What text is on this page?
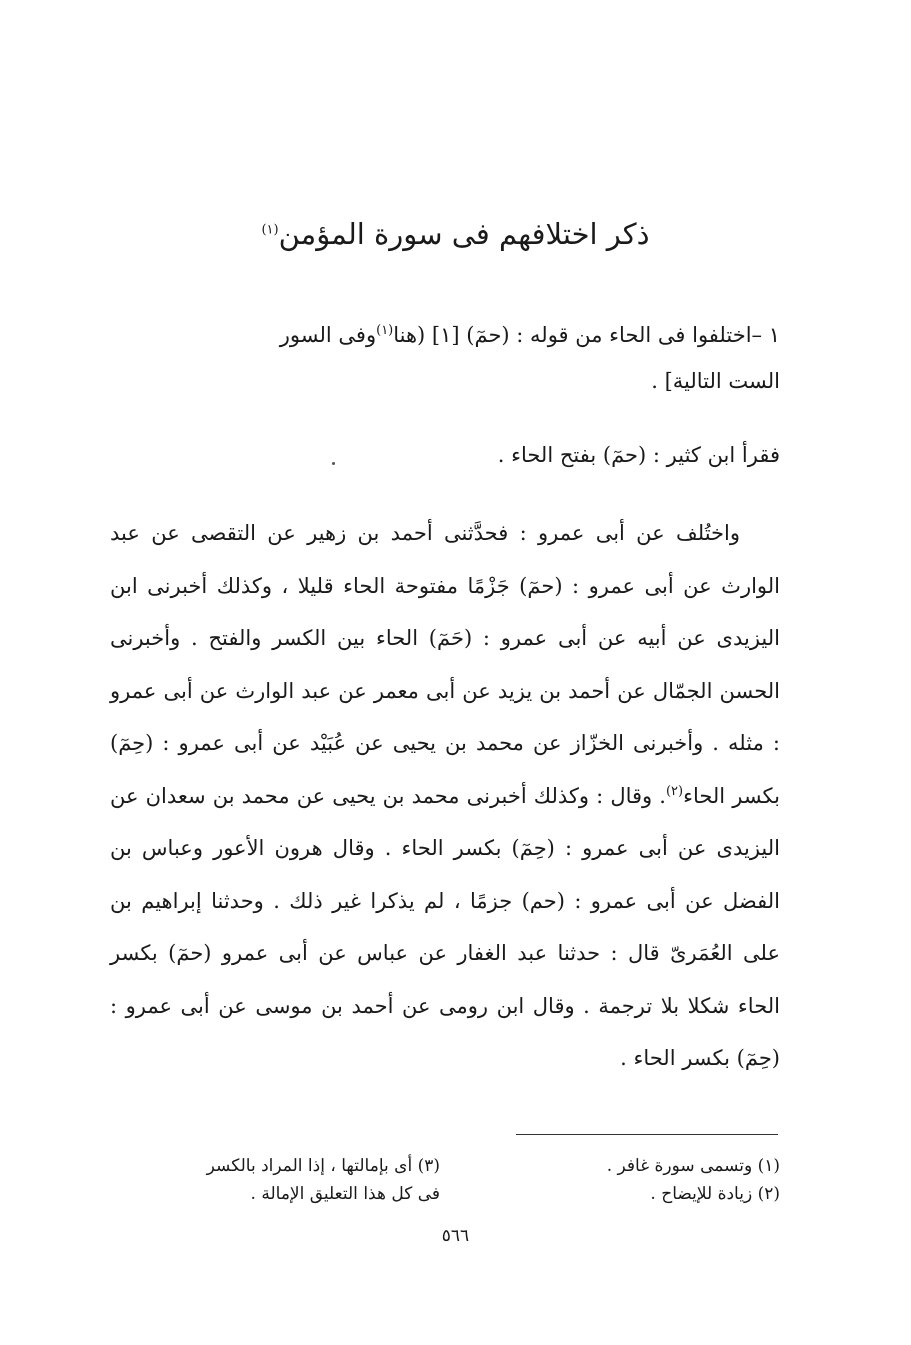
ذكر اختلافهم فى سورة المؤمن$^{(١)}$
١ –اختلفوا فى الحاء من قوله : (حمٓ) [١] (هنا$^{(١)}$وفى السور
الست التالية] .
فقرأ ابن كثير : (حمٓ) بفتح الحاء .
واختُلف عن أبى عمرو : فحدَّثنى أحمد بن زهير عن التقصى عن عبد الوارث عن أبى عمرو : (حمٓ) جَزْمًا مفتوحة الحاء قليلا ، وكذلك أخبرنى ابن اليزيدى عن أبيه عن أبى عمرو : (حَمٓ) الحاء بين الكسر والفتح . وأخبرنى الحسن الجمّال عن أحمد بن يزيد عن أبى معمر عن عبد الوارث عن أبى عمرو : مثله . وأخبرنى الخزّاز عن محمد بن يحيى عن عُبَيْد عن أبى عمرو : (حِمٓ) بكسر الحاء$^{(٢)}$. وقال : وكذلك أخبرنى محمد بن يحيى عن محمد بن سعدان عن اليزيدى عن أبى عمرو : (حِمٓ) بكسر الحاء . وقال هرون الأعور وعباس بن الفضل عن أبى عمرو : (حم) جزمًا ، لم يذكرا غير ذلك . وحدثنا إبراهيم بن على العُمَرىّ قال : حدثنا عبد الغفار عن عباس عن أبى عمرو (حمٓ) بكسر الحاء شكلا بلا ترجمة . وقال ابن رومى عن أحمد بن موسى عن أبى عمرو : (حِمٓ) بكسر الحاء .
(١) وتسمى سورة غافر .
(٢) زيادة للإيضاح .
(٣) أى بإمالتها ، إذا المراد بالكسر
فى كل هذا التعليق الإمالة .
٥٦٦
